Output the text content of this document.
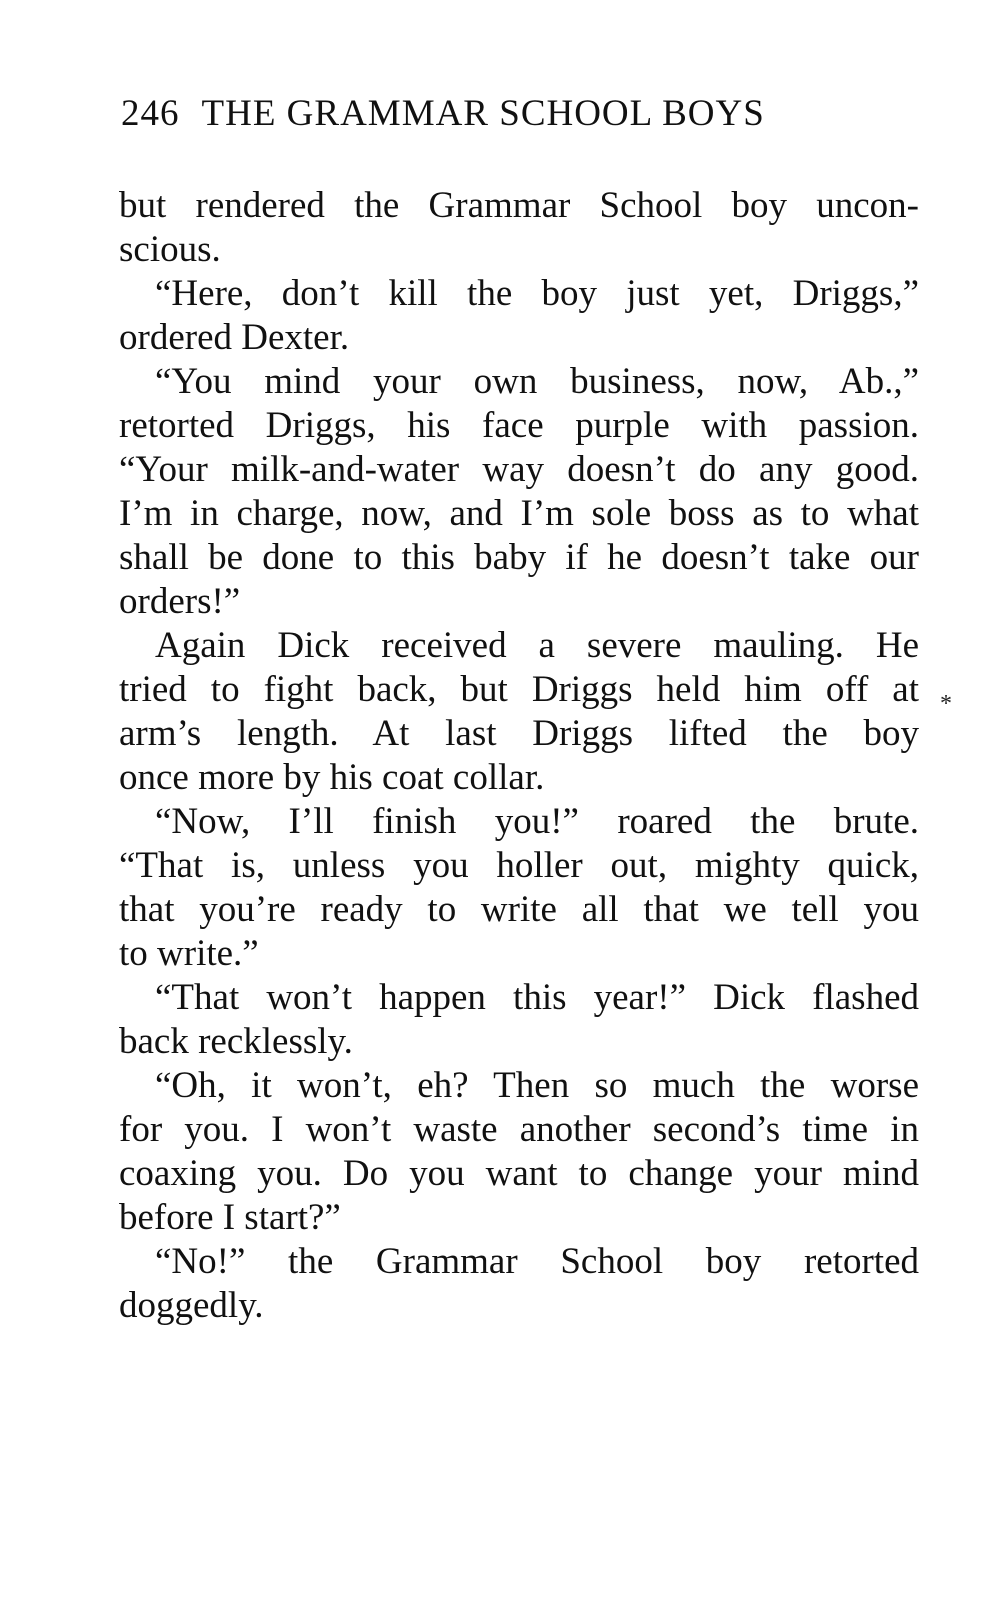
246 THE GRAMMAR SCHOOL BOYS
but rendered the Grammar School boy uncon-
scious.
“Here, don’t kill the boy just yet, Driggs,”
ordered Dexter.
“You mind your own business, now, Ab.,”
retorted Driggs, his face purple with passion.
“Your milk-and-water way doesn’t do any good.
I’m in charge, now, and I’m sole boss as to what
shall be done to this baby if he doesn’t take our
orders!”
Again Dick received a severe mauling. He
tried to fight back, but Driggs held him off at
arm’s length. At last Driggs lifted the boy
once more by his coat collar.
“Now, I’ll finish you!” roared the brute.
“That is, unless you holler out, mighty quick,
that you’re ready to write all that we tell you
to write.”
“That won’t happen this year!” Dick flashed
back recklessly.
“Oh, it won’t, eh? Then so much the worse
for you. I won’t waste another second’s time in
coaxing you. Do you want to change your mind
before I start?”
“No!” the Grammar School boy retorted
doggedly.
*
